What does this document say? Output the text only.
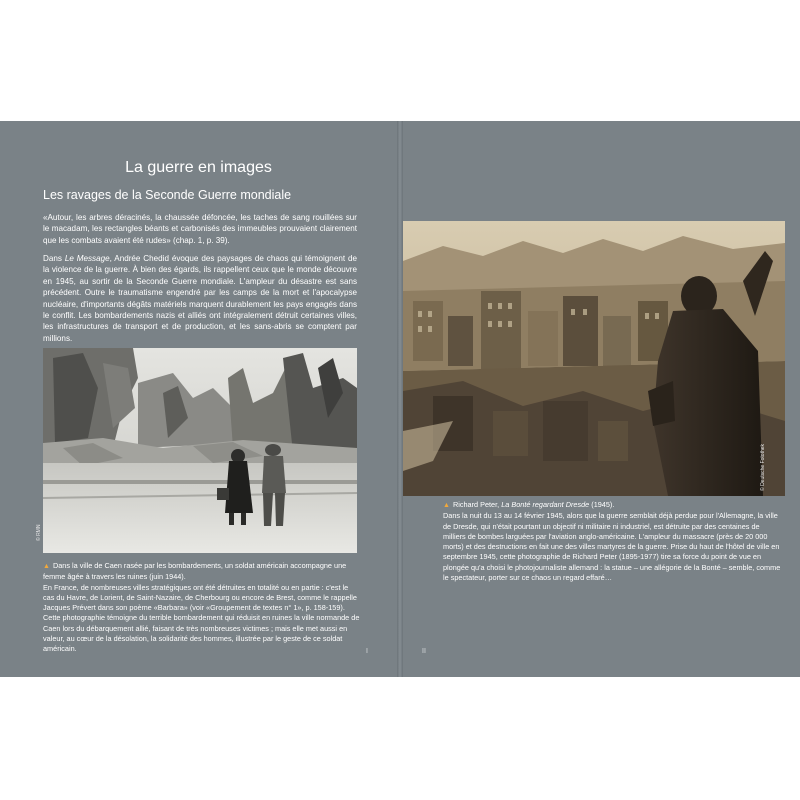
La guerre en images
Les ravages de la Seconde Guerre mondiale

«Autour, les arbres déracinés, la chaussée défoncée, les taches de sang rouillées sur le macadam, les rectangles béants et carbonisés des immeubles prouvaient clairement que les combats avaient été rudes» (chap. 1, p. 39).

Dans Le Message, Andrée Chedid évoque des paysages de chaos qui témoignent de la violence de la guerre. À bien des égards, ils rappellent ceux que le monde découvre en 1945, au sortir de la Seconde Guerre mondiale. L'ampleur du désastre est sans précédent. Outre le traumatisme engendré par les camps de la mort et l'apocalypse nucléaire, d'importants dégâts matériels marquent durablement les pays engagés dans le conflit. Les bombardements nazis et alliés ont intégralement détruit certaines villes, les infrastructures de transport et de production, et les sans-abris se comptent par millions.

© RMN

▲ Dans la ville de Caen rasée par les bombardements, un soldat américain accompagne une femme âgée à travers les ruines (juin 1944).
En France, de nombreuses villes stratégiques ont été détruites en totalité ou en partie : c'est le cas du Havre, de Lorient, de Saint-Nazaire, de Cherbourg ou encore de Brest, comme le rappelle Jacques Prévert dans son poème «Barbara» (voir «Groupement de textes n° 1», p. 158-159). Cette photographie témoigne du terrible bombardement qui réduisit en ruines la ville normande de Caen lors du débarquement allié, faisant de très nombreuses victimes ; mais elle met aussi en valeur, au cœur de la désolation, la solidarité des hommes, illustrée par le geste de ce soldat américain.	I
© Deutsche Fotothek

▲ Richard Peter, La Bonté regardant Dresde (1945).
Dans la nuit du 13 au 14 février 1945, alors que la guerre semblait déjà perdue pour l'Allemagne, la ville de Dresde, qui n'était pourtant un objectif ni militaire ni industriel, est détruite par des centaines de milliers de bombes larguées par l'aviation anglo-américaine. L'ampleur du massacre (près de 20 000 morts) et des destructions en fait une des villes martyres de la guerre. Prise du haut de l'hôtel de ville en septembre 1945, cette photographie de Richard Peter (1895-1977) tire sa force du point de vue en plongée qu'a choisi le photojournaliste allemand : la statue – une allégorie de la Bonté – semble, comme le spectateur, porter sur ce chaos un regard effaré…

II
